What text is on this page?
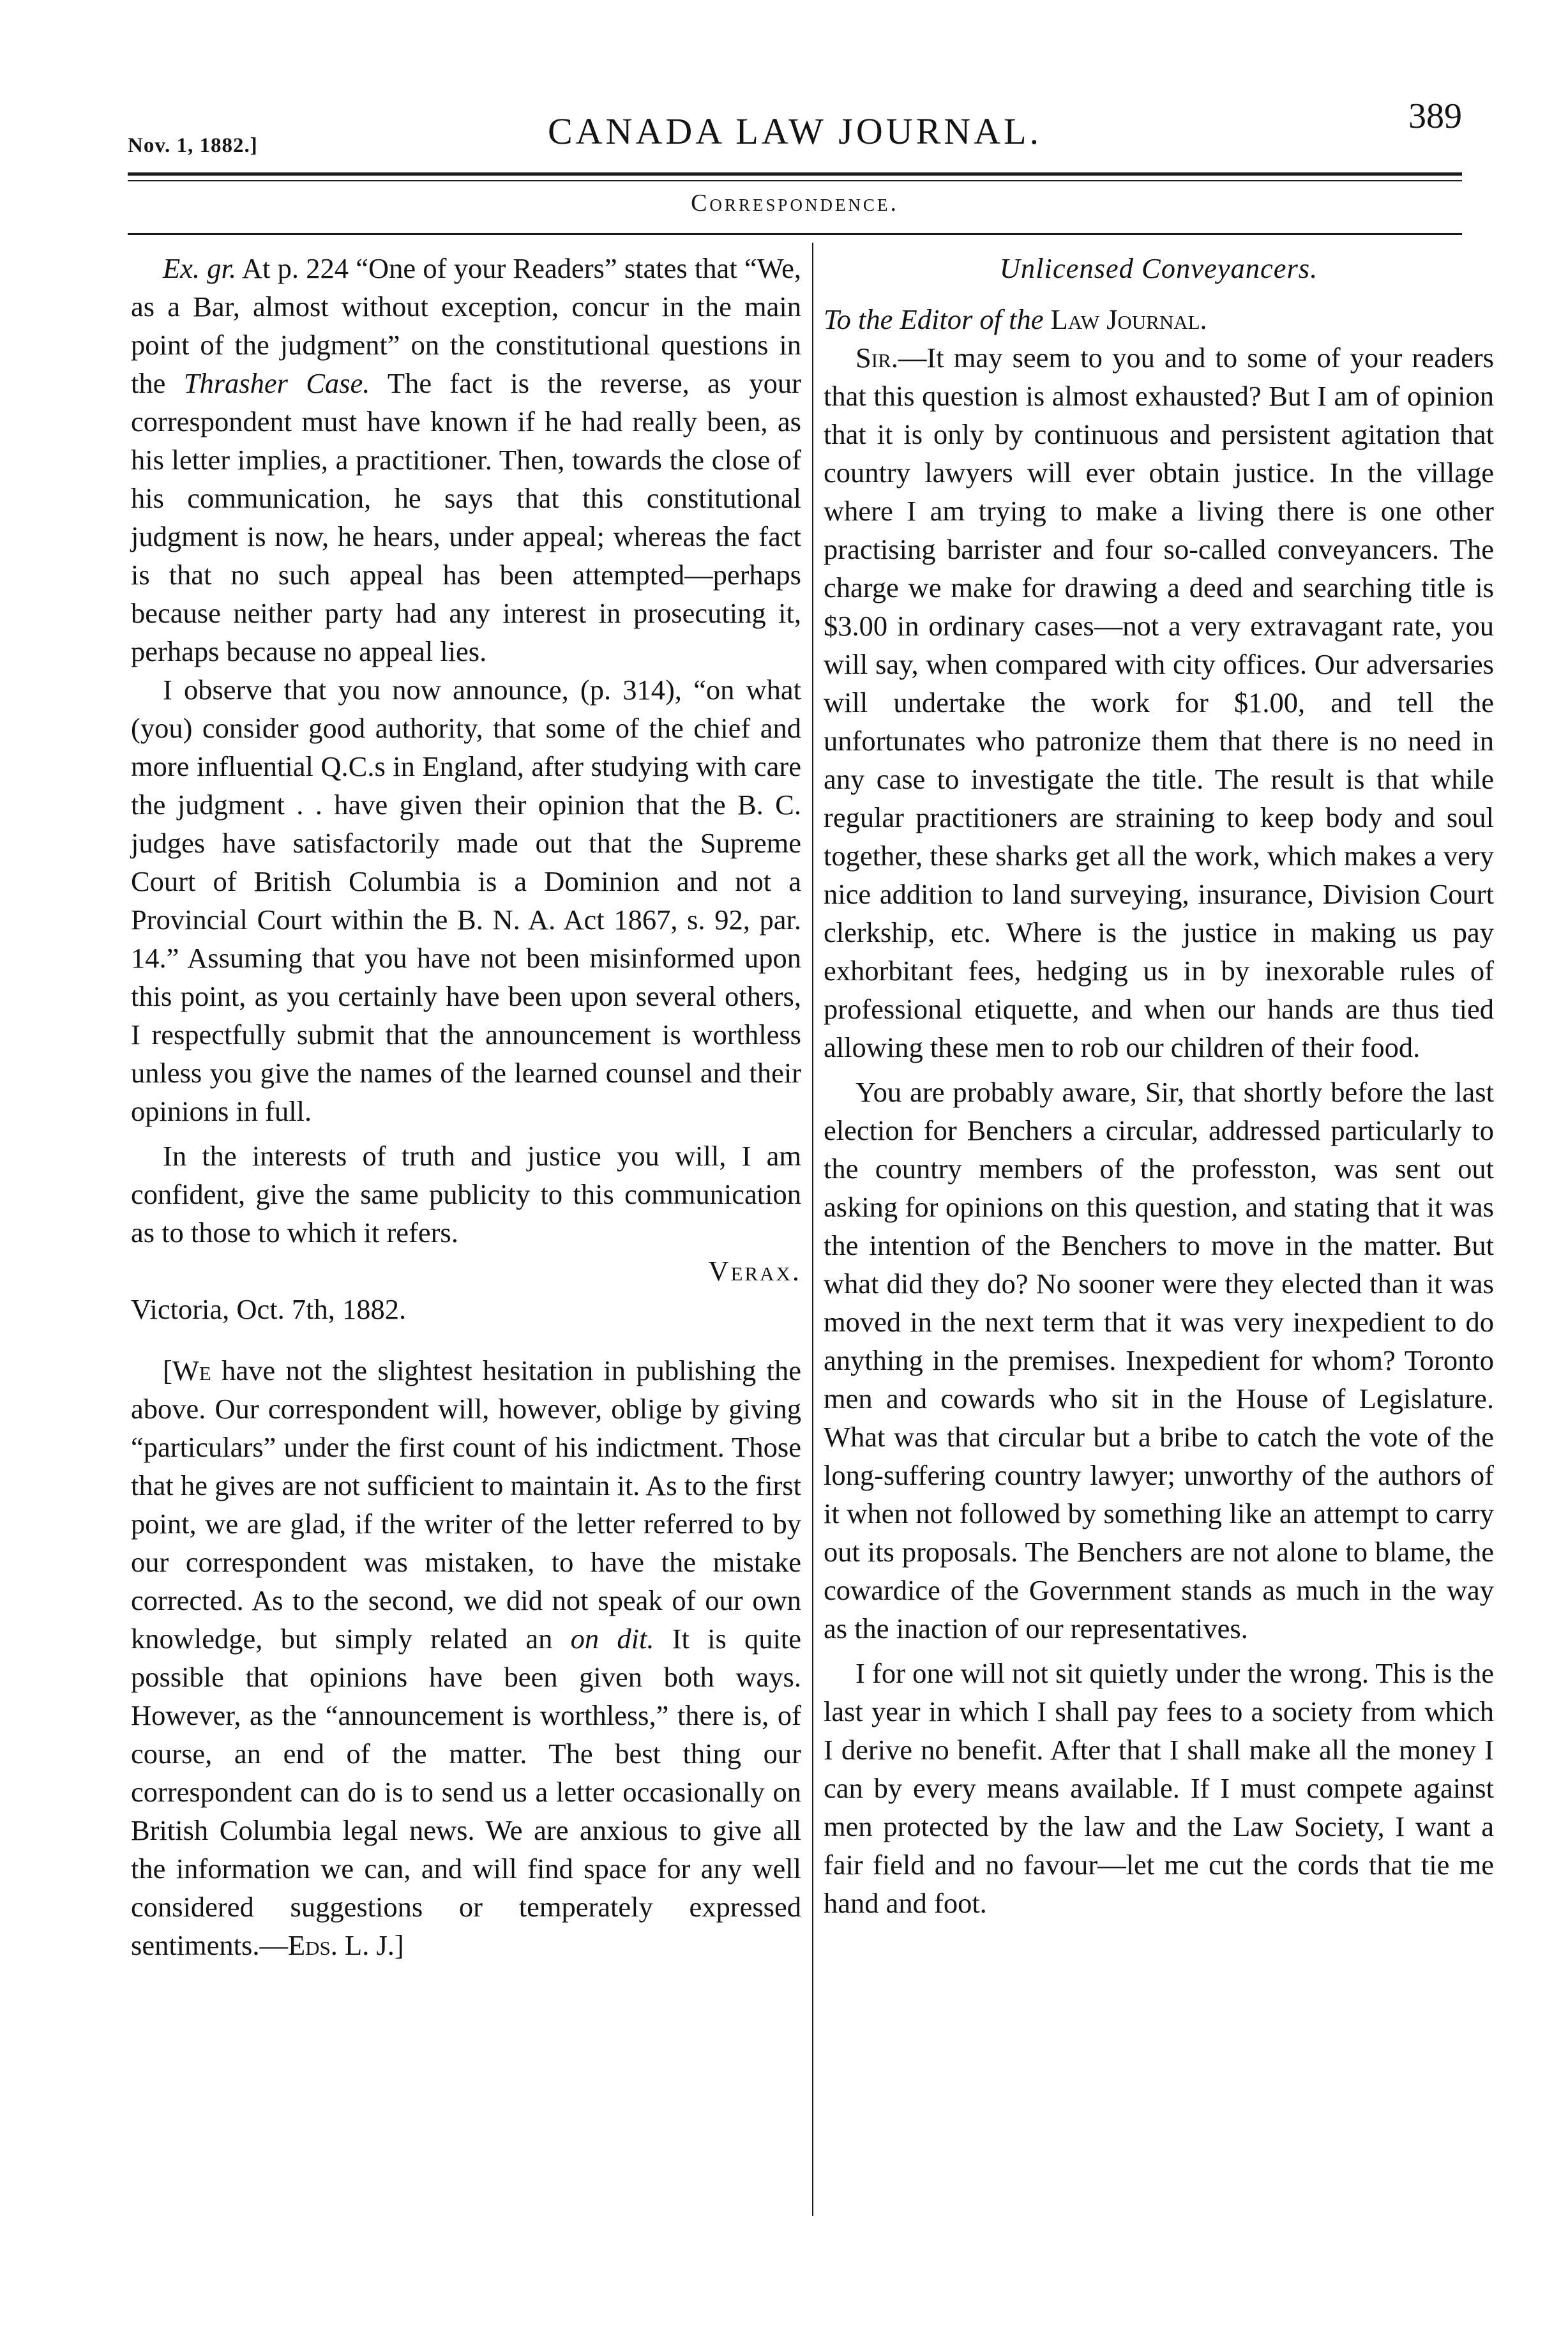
Nov. 1, 1882.]	CANADA LAW JOURNAL.	389
Correspondence.

Ex. gr. At p. 224 “One of your Readers” states that “We, as a Bar, almost without exception, concur in the main point of the judgment” on the constitutional questions in the Thrasher Case. The fact is the reverse, as your correspondent must have known if he had really been, as his letter implies, a practitioner. Then, towards the close of his communication, he says that this constitutional judgment is now, he hears, under appeal; whereas the fact is that no such appeal has been attempted—perhaps because neither party had any interest in prosecuting it, perhaps because no appeal lies.

I observe that you now announce, (p. 314), “on what (you) consider good authority, that some of the chief and more influential Q.C.s in England, after studying with care the judgment . . have given their opinion that the B. C. judges have satisfactorily made out that the Supreme Court of British Columbia is a Dominion and not a Provincial Court within the B. N. A. Act 1867, s. 92, par. 14.” Assuming that you have not been misinformed upon this point, as you certainly have been upon several others, I respectfully submit that the announcement is worthless unless you give the names of the learned counsel and their opinions in full.

In the interests of truth and justice you will, I am confident, give the same publicity to this communication as to those to which it refers.

Verax.

Victoria, Oct. 7th, 1882.

[We have not the slightest hesitation in publishing the above. Our correspondent will, however, oblige by giving “particulars” under the first count of his indictment. Those that he gives are not sufficient to maintain it. As to the first point, we are glad, if the writer of the letter referred to by our correspondent was mistaken, to have the mistake corrected. As to the second, we did not speak of our own knowledge, but simply related an on dit. It is quite possible that opinions have been given both ways. However, as the “announcement is worthless,” there is, of course, an end of the matter. The best thing our correspondent can do is to send us a letter occasionally on British Columbia legal news. We are anxious to give all the information we can, and will find space for any well considered suggestions or temperately expressed sentiments.—Eds. L. J.]

Unlicensed Conveyancers.

To the Editor of the Law Journal.

Sir.—It may seem to you and to some of your readers that this question is almost exhausted? But I am of opinion that it is only by continuous and persistent agitation that country lawyers will ever obtain justice. In the village where I am trying to make a living there is one other practising barrister and four so-called conveyancers. The charge we make for drawing a deed and searching title is $3.00 in ordinary cases—not a very extravagant rate, you will say, when compared with city offices. Our adversaries will undertake the work for $1.00, and tell the unfortunates who patronize them that there is no need in any case to investigate the title. The result is that while regular practitioners are straining to keep body and soul together, these sharks get all the work, which makes a very nice addition to land surveying, insurance, Division Court clerkship, etc. Where is the justice in making us pay exhorbitant fees, hedging us in by inexorable rules of professional etiquette, and when our hands are thus tied allowing these men to rob our children of their food.

You are probably aware, Sir, that shortly before the last election for Benchers a circular, addressed particularly to the country members of the professton, was sent out asking for opinions on this question, and stating that it was the intention of the Benchers to move in the matter. But what did they do? No sooner were they elected than it was moved in the next term that it was very inexpedient to do anything in the premises. Inexpedient for whom? Toronto men and cowards who sit in the House of Legislature. What was that circular but a bribe to catch the vote of the long-suffering country lawyer; unworthy of the authors of it when not followed by something like an attempt to carry out its proposals. The Benchers are not alone to blame, the cowardice of the Government stands as much in the way as the inaction of our representatives.

I for one will not sit quietly under the wrong. This is the last year in which I shall pay fees to a society from which I derive no benefit. After that I shall make all the money I can by every means available. If I must compete against men protected by the law and the Law Society, I want a fair field and no favour—let me cut the cords that tie me hand and foot.
